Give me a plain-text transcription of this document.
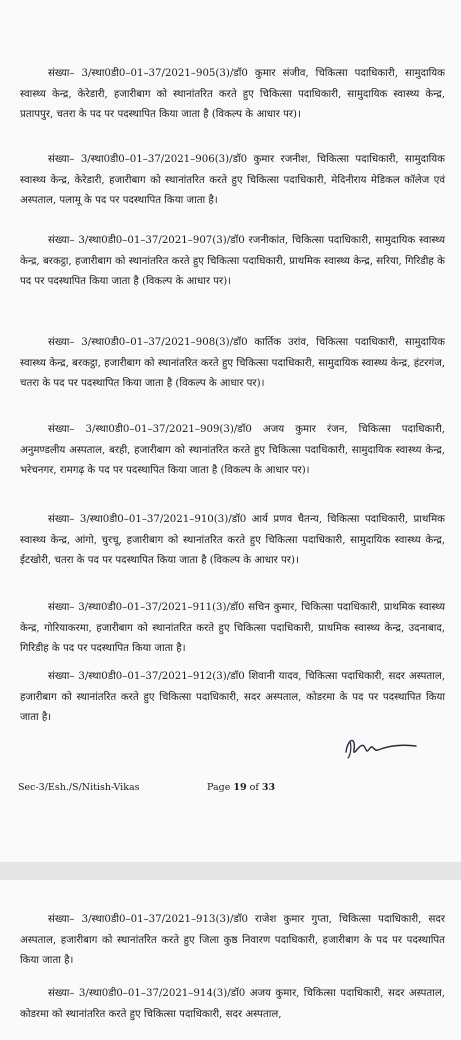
संख्या– 3/स्था0डी0–01–37/2021–905(3)/डॉ0 कुमार संजीव, चिकित्सा पदाधिकारी, सामुदायिक स्वास्थ्य केन्द्र, केरेडारी, हजारीबाग को स्थानांतरित करते हुए चिकित्सा पदाधिकारी, सामुदायिक स्वास्थ्य केन्द्र, प्रतापपुर, चतरा के पद पर पदस्थापित किया जाता है (विकल्प के आधार पर)।

संख्या– 3/स्था0डी0–01–37/2021–906(3)/डॉ0 कुमार रजनीश, चिकित्सा पदाधिकारी, सामुदायिक स्वास्थ्य केन्द्र, केरेडारी, हजारीबाग को स्थानांतरित करते हुए चिकित्सा पदाधिकारी, मेदिनीराय मेडिकल कॉलेज एवं अस्पताल, पलामू के पद पर पदस्थापित किया जाता है।

संख्या– 3/स्था0डी0–01–37/2021–907(3)/डॉ0 रजनीकांत, चिकित्सा पदाधिकारी, सामुदायिक स्वास्थ्य केन्द्र, बरकट्ठा, हजारीबाग को स्थानांतरित करते हुए चिकित्सा पदाधिकारी, प्राथमिक स्वास्थ्य केन्द्र, सरिया, गिरिडीह के पद पर पदस्थापित किया जाता है (विकल्प के आधार पर)।

संख्या– 3/स्था0डी0–01–37/2021–908(3)/डॉ0 कार्तिक उरांव, चिकित्सा पदाधिकारी, सामुदायिक स्वास्थ्य केन्द्र, बरकट्ठा, हजारीबाग को स्थानांतरित करते हुए चिकित्सा पदाधिकारी, सामुदायिक स्वास्थ्य केन्द्र, हंटरगंज, चतरा के पद पर पदस्थापित किया जाता है (विकल्प के आधार पर)।

संख्या– 3/स्था0डी0–01–37/2021–909(3)/डॉ0 अजय कुमार रंजन, चिकित्सा पदाधिकारी, अनुमण्डलीय अस्पताल, बरही, हजारीबाग को स्थानांतरित करते हुए चिकित्सा पदाधिकारी, सामुदायिक स्वास्थ्य केन्द्र, भरेचनगर, रामगढ़ के पद पर पदस्थापित किया जाता है (विकल्प के आधार पर)।

संख्या– 3/स्था0डी0–01–37/2021–910(3)/डॉ0 आर्य प्रणव चैतन्य, चिकित्सा पदाधिकारी, प्राथमिक स्वास्थ्य केन्द्र, आंगो, चुरचू, हजारीबाग को स्थानांतरित करते हुए चिकित्सा पदाधिकारी, सामुदायिक स्वास्थ्य केन्द्र, ईटखोरी, चतरा के पद पर पदस्थापित किया जाता है (विकल्प के आधार पर)।

संख्या– 3/स्था0डी0–01–37/2021–911(3)/डॉ0 सचिन कुमार, चिकित्सा पदाधिकारी, प्राथमिक स्वास्थ्य केन्द्र, गोरियाकरमा, हजारीबाग को स्थानांतरित करते हुए चिकित्सा पदाधिकारी, प्राथमिक स्वास्थ्य केन्द्र, उदनाबाद, गिरिडीह के पद पर पदस्थापित किया जाता है।

संख्या– 3/स्था0डी0–01–37/2021–912(3)/डॉ0 शिवानी यादव, चिकित्सा पदाधिकारी, सदर अस्पताल, हजारीबाग को स्थानांतरित करते हुए चिकित्सा पदाधिकारी, सदर अस्पताल, कोडरमा के पद पर पदस्थापित किया जाता है।

Sec-3/Esh./S/Nitish-Vikas	Page 19 of 33

संख्या– 3/स्था0डी0–01–37/2021–913(3)/डॉ0 राजेश कुमार गुप्ता, चिकित्सा पदाधिकारी, सदर अस्पताल, हजारीबाग को स्थानांतरित करते हुए जिला कुष्ठ निवारण पदाधिकारी, हजारीबाग के पद पर पदस्थापित किया जाता है।

संख्या– 3/स्था0डी0–01–37/2021–914(3)/डॉ0 अजय कुमार, चिकित्सा पदाधिकारी, सदर अस्पताल, कोडरमा को स्थानांतरित करते हुए चिकित्सा पदाधिकारी, सदर अस्पताल,
